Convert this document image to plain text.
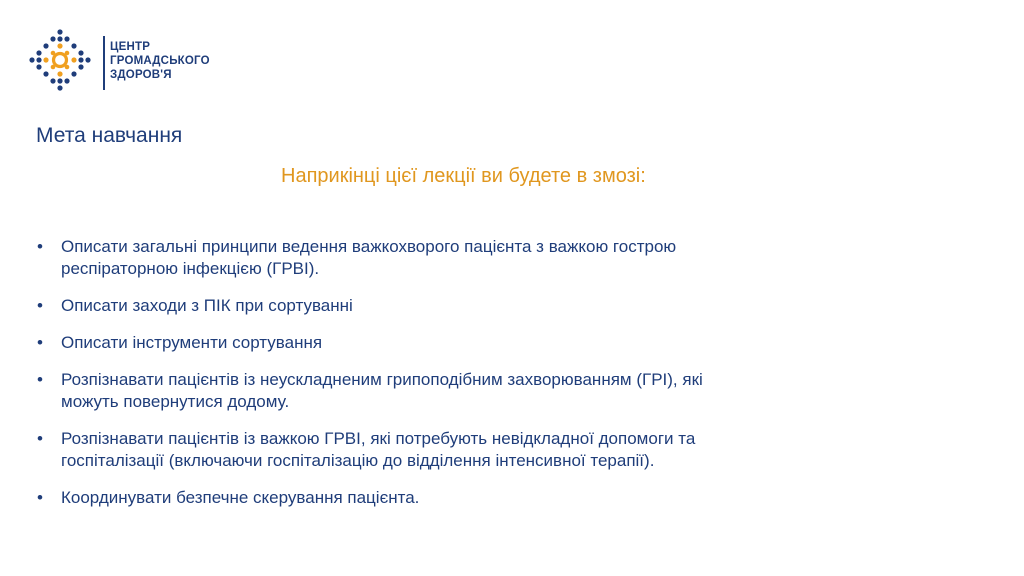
ЦЕНТР
ГРОМАДСЬКОГО
ЗДОРОВ'Я
Мета навчання
Наприкінці цієї лекції ви будете в змозі:
• Описати загальні принципи ведення важкохворого пацієнта з важкою гострою
респіраторною інфекцією (ГРВІ).
• Описати заходи з ПІК при сортуванні
• Описати інструменти сортування
• Розпізнавати пацієнтів із неускладненим грипоподібним захворюванням (ГРІ), які
можуть повернутися додому.
• Розпізнавати пацієнтів із важкою ГРВІ, які потребують невідкладної допомоги та
госпіталізації (включаючи госпіталізацію до відділення інтенсивної терапії).
• Координувати безпечне скерування пацієнта.
